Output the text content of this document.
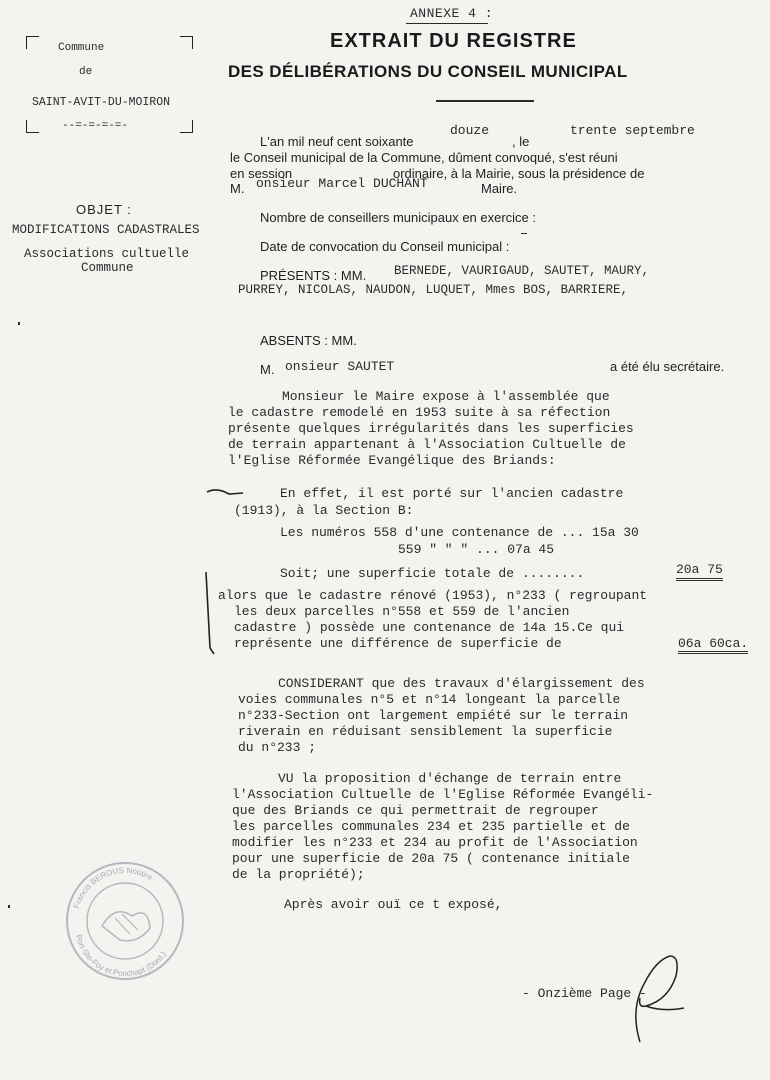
ANNEXE 4 :
EXTRAIT DU REGISTRE
DES DÉLIBÉRATIONS DU CONSEIL MUNICIPAL
Commune
de
SAINT-AVIT-DU-MOIRON
--=-=-=-=-
OBJET :
MODIFICATIONS CADASTRALES
Associations cultuelle
Commune
L'an mil neuf cent soixante
douze
, le
trente septembre
le Conseil municipal de la Commune, dûment convoqué, s'est réuni
en session	ordinaire, à la Mairie, sous la présidence de
M. onsieur Marcel DUCHANT	Maire.
Nombre de conseillers municipaux en exercice :
Date de convocation du Conseil municipal :
PRÉSENTS : MM. BERNEDE, VAURIGAUD, SAUTET, MAURY,
PURREY, NICOLAS, NAUDON, LUQUET, Mmes BOS, BARRIERE,
ABSENTS : MM.
M. onsieur SAUTET	a été élu secrétaire.
Monsieur le Maire expose à l'assemblée que
le cadastre remodelé en 1953 suite à sa réfection
présente quelques irrégularités dans les superficies
de terrain appartenant à l'Association Cultuelle de
l'Eglise Réformée Evangélique des Briands:
En effet, il est porté sur l'ancien cadastre
(1913), à la Section B:
Les numéros 558 d'une contenance de ... 15a 30
559 " " " ... 07a 45
Soit; une superficie totale de ........	20a 75
alors que le cadastre rénové (1953), n°233 ( regroupant
les deux parcelles n°558 et 559 de l'ancien
cadastre ) possède une contenance de 14a 15.Ce qui
représente une différence de superficie de	06a 60ca.
CONSIDERANT que des travaux d'élargissement des
voies communales n°5 et n°14 longeant la parcelle
n°233-Section ont largement empiété sur le terrain
riverain en réduisant sensiblement la superficie
du n°233 ;
VU la proposition d'échange de terrain entre
l'Association Cultuelle de l'Eglise Réformée Evangéli-
que des Briands ce qui permettrait de regrouper
les parcelles communales 234 et 235 partielle et de
modifier les n°233 et 234 au profit de l'Association
pour une superficie de 20a 75 ( contenance initiale
de la propriété);
Après avoir ouï ce t exposé,
Francis BEROUS Notaire
Port-Ste-Foy et Ponchapt (Dord.)
- Onzième Page -
